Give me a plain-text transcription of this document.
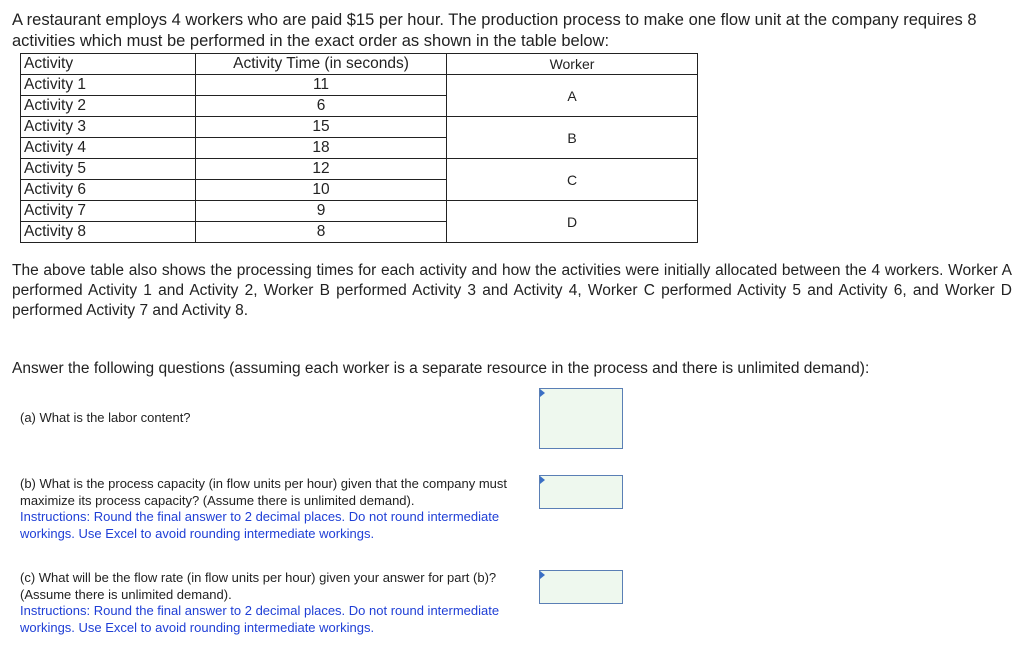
A restaurant employs 4 workers who are paid $15 per hour. The production process to make one flow unit at the company requires 8 activities which must be performed in the exact order as shown in the table below:

Activity	Activity Time (in seconds)	Worker
Activity 1	11	A
Activity 2	6	
Activity 3	15	B
Activity 4	18	
Activity 5	12	C
Activity 6	10	
Activity 7	9	D
Activity 8	8	

The above table also shows the processing times for each activity and how the activities were initially allocated between the 4 workers. Worker A performed Activity 1 and Activity 2, Worker B performed Activity 3 and Activity 4, Worker C performed Activity 5 and Activity 6, and Worker D performed Activity 7 and Activity 8.

Answer the following questions (assuming each worker is a separate resource in the process and there is unlimited demand):

(a) What is the labor content?
(b) What is the process capacity (in flow units per hour) given that the company must maximize its process capacity? (Assume there is unlimited demand).
Instructions: Round the final answer to 2 decimal places. Do not round intermediate workings. Use Excel to avoid rounding intermediate workings.
(c) What will be the flow rate (in flow units per hour) given your answer for part (b)? (Assume there is unlimited demand).
Instructions: Round the final answer to 2 decimal places. Do not round intermediate workings. Use Excel to avoid rounding intermediate workings.
